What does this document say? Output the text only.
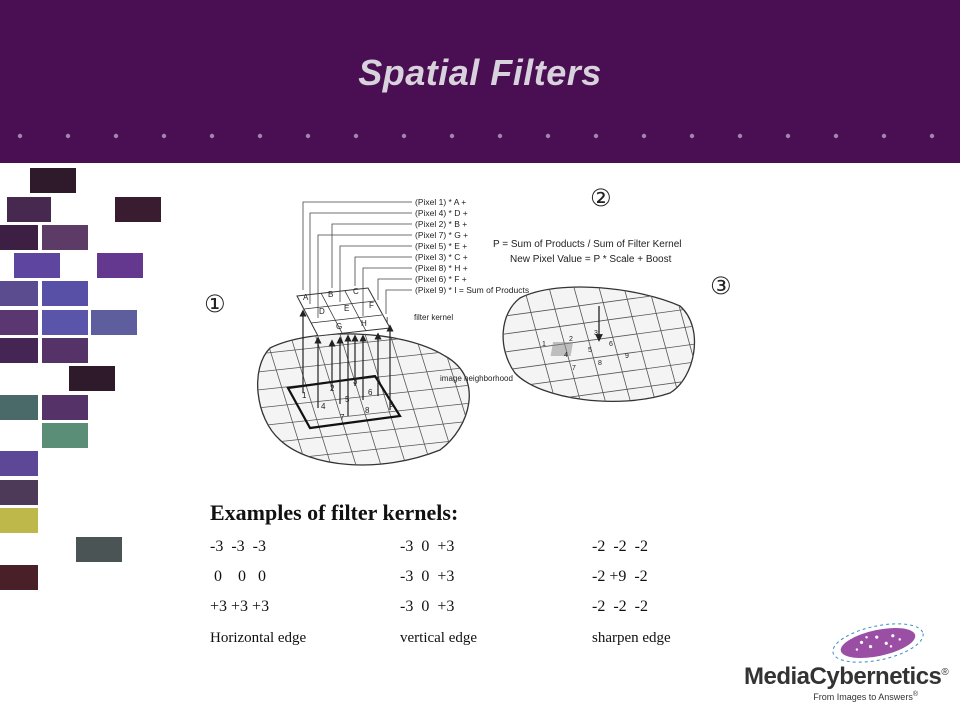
Spatial Filters
(Pixel 1) * A +
(Pixel 4) * D +
(Pixel 2) * B +
(Pixel 7) * G +
(Pixel 5) * E +
(Pixel 3) * C +
(Pixel 8) * H +
(Pixel 6) * F +
(Pixel 9) * I = Sum of Products
A B C
D E F
G H I
1
2
3
4
5
6
7
8
9
1
2
3
4
5
6
7
8
9
filter kernel
image neighborhood
P = Sum of Products / Sum of Filter Kernel
New Pixel Value = P * Scale + Boost
①
②
③
Examples of filter kernels:
-3  -3  -3	-3  0  +3	-2  -2  -2
0    0   0	-3  0  +3	-2 +9  -2
+3 +3 +3	-3  0  +3	-2  -2  -2
Horizontal edge	vertical edge	sharpen edge
MediaCybernetics®
From Images to Answers®
